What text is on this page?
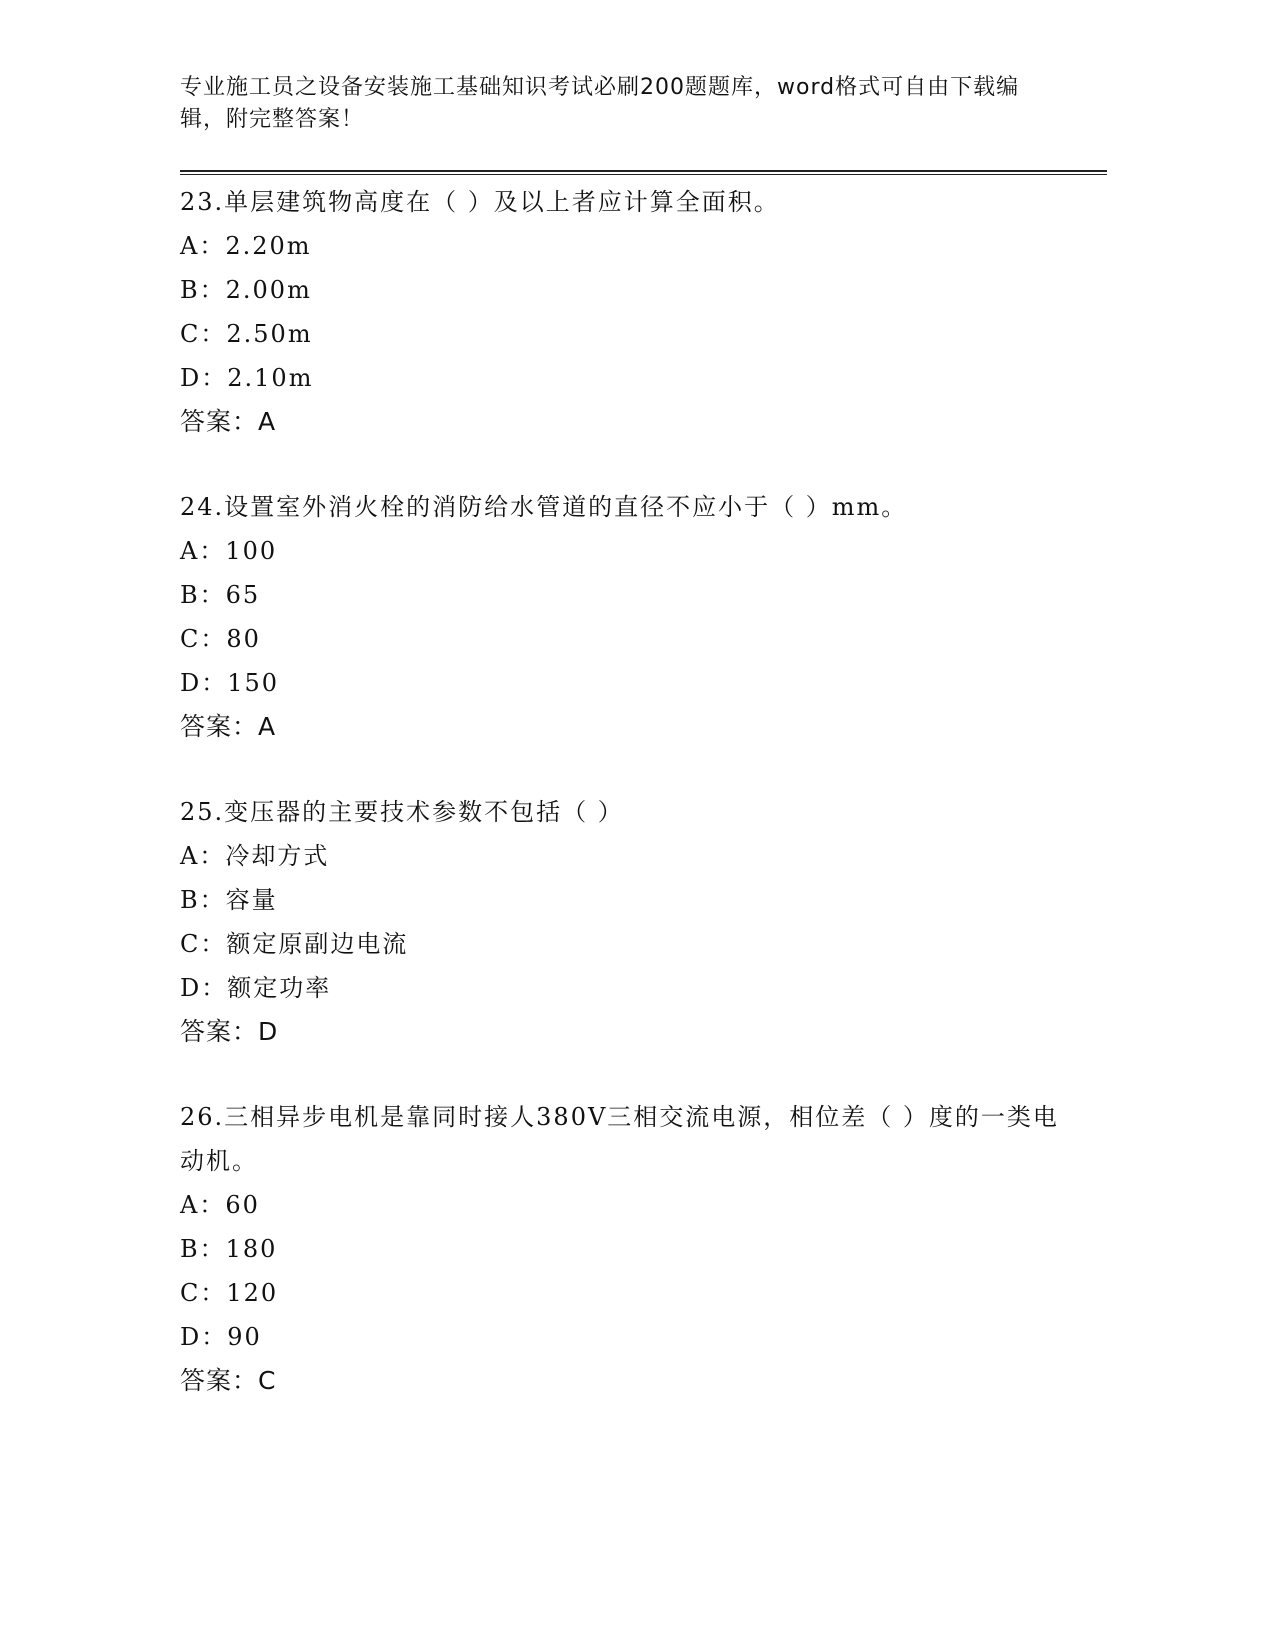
专业施工员之设备安装施工基础知识考试必刷200题题库，word格式可自由下载编辑，附完整答案！

23.单层建筑物高度在（ ）及以上者应计算全面积。

A：2.20m
B：2.00m
C：2.50m
D：2.10m
答案：A

24.设置室外消火栓的消防给水管道的直径不应小于（ ）mm。

A：100
B：65
C：80
D：150
答案：A

25.变压器的主要技术参数不包括（ ）

A：冷却方式
B：容量
C：额定原副边电流
D：额定功率
答案：D

26.三相异步电机是靠同时接人380V三相交流电源，相位差（ ）度的一类电动机。

A：60
B：180
C：120
D：90
答案：C
